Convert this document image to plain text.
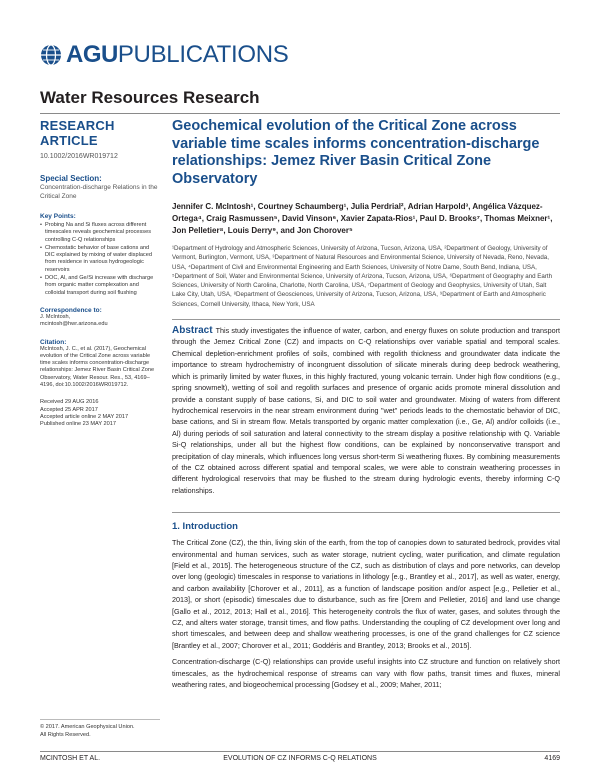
AGU PUBLICATIONS
Water Resources Research
RESEARCH ARTICLE
10.1002/2016WR019712
Special Section:
Concentration-discharge Relations in the Critical Zone
Key Points:
• Probing Na and Si fluxes across different timescales reveals geochemical processes controlling C-Q relationships
• Chemostatic behavior of base cations and DIC explained by mixing of water displaced from residence in various hydrogeologic reservoirs
• DOC, Al, and Ge/Si increase with discharge from organic matter complexation and colloidal transport during soil flushing
Correspondence to:
J. McIntosh,
mcintosh@hwr.arizona.edu
Citation:
McIntosh, J. C., et al. (2017), Geochemical evolution of the Critical Zone across variable time scales informs concentration-discharge relationships: Jemez River Basin Critical Zone Observatory, Water Resour. Res., 53, 4169–4196, doi:10.1002/2016WR019712.
Received 29 AUG 2016
Accepted 25 APR 2017
Accepted article online 2 MAY 2017
Published online 23 MAY 2017
© 2017. American Geophysical Union.
All Rights Reserved.
Geochemical evolution of the Critical Zone across variable time scales informs concentration-discharge relationships: Jemez River Basin Critical Zone Observatory
Jennifer C. McIntosh¹, Courtney Schaumberg¹, Julia Perdrial², Adrian Harpold³, Angélica Vázquez-Ortega⁴, Craig Rasmussen⁵, David Vinson⁶, Xavier Zapata-Rios¹, Paul D. Brooks⁷, Thomas Meixner¹, Jon Pelletier⁸, Louis Derry⁹, and Jon Chorover⁵
¹Department of Hydrology and Atmospheric Sciences, University of Arizona, Tucson, Arizona, USA, ²Department of Geology, University of Vermont, Burlington, Vermont, USA, ³Department of Natural Resources and Environmental Science, University of Nevada, Reno, Nevada, USA, ⁴Department of Civil and Environmental Engineering and Earth Sciences, University of Notre Dame, South Bend, Indiana, USA, ⁵Department of Soil, Water and Environmental Science, University of Arizona, Tucson, Arizona, USA, ⁶Department of Geography and Earth Sciences, University of North Carolina, Charlotte, North Carolina, USA, ⁷Department of Geology and Geophysics, University of Utah, Salt Lake City, Utah, USA, ⁸Department of Geosciences, University of Arizona, Tucson, Arizona, USA, ⁹Department of Earth and Atmospheric Sciences, Cornell University, Ithaca, New York, USA
Abstract This study investigates the influence of water, carbon, and energy fluxes on solute production and transport through the Jemez Critical Zone (CZ) and impacts on C-Q relationships over variable spatial and temporal scales. Chemical depletion-enrichment profiles of soils, combined with regolith thickness and groundwater data indicate the importance to stream hydrochemistry of incongruent dissolution of silicate minerals during deep bedrock weathering, which is primarily limited by water fluxes, in this highly fractured, young volcanic terrain. Under high flow conditions (e.g., spring snowmelt), wetting of soil and regolith surfaces and presence of organic acids promote mineral dissolution and provide a constant supply of base cations, Si, and DIC to soil water and groundwater. Mixing of waters from different hydrochemical reservoirs in the near stream environment during "wet" periods leads to the chemostatic behavior of DIC, base cations, and Si in stream flow. Metals transported by organic matter complexation (i.e., Ge, Al) and/or colloids (i.e., Al) during periods of soil saturation and lateral connectivity to the stream display a positive relationship with Q. Variable Si-Q relationships, under all but the highest flow conditions, can be explained by nonconservative transport and precipitation of clay minerals, which influences long versus short-term Si weathering fluxes. By combining measurements of the CZ obtained across different spatial and temporal scales, we were able to constrain weathering processes in different hydrological reservoirs that may be flushed to the stream during hydrologic events, thereby informing C-Q relationships.
1. Introduction

The Critical Zone (CZ), the thin, living skin of the earth, from the top of canopies down to saturated bedrock, provides vital environmental and human services, such as water storage, nutrient cycling, water purification, and climate regulation [Field et al., 2015]. The heterogeneous structure of the CZ, such as distribution of clays and pore networks, can develop over long (geologic) timescales in response to variations in lithology [e.g., Brantley et al., 2017], as well as water, energy, and carbon availability [Chorover et al., 2011], as a function of landscape position and/or aspect [e.g., Pelletier et al., 2013], or short (episodic) timescales due to disturbance, such as fire [Orem and Pelletier, 2016] and land use change [Gallo et al., 2012, 2013; Hall et al., 2016]. This heterogeneity controls the flux of water, gases, and solutes through the CZ, and alters water storage, transit times, and flow paths. Understanding the coupling of CZ development over long and short timescales, and between deep and shallow weathering processes, is one of the grand challenges for CZ science [Brantley et al., 2007; Chorover et al., 2011; Goddéris and Brantley, 2013; Brooks et al., 2015].

Concentration-discharge (C-Q) relationships can provide useful insights into CZ structure and function on relatively short timescales, as the hydrochemical response of streams can vary with flow paths, transit times and fluxes, mineral weathering rates, and biogeochemical processing [Godsey et al., 2009; Maher, 2011;

MCINTOSH ET AL.	EVOLUTION OF CZ INFORMS C-Q RELATIONS	4169
